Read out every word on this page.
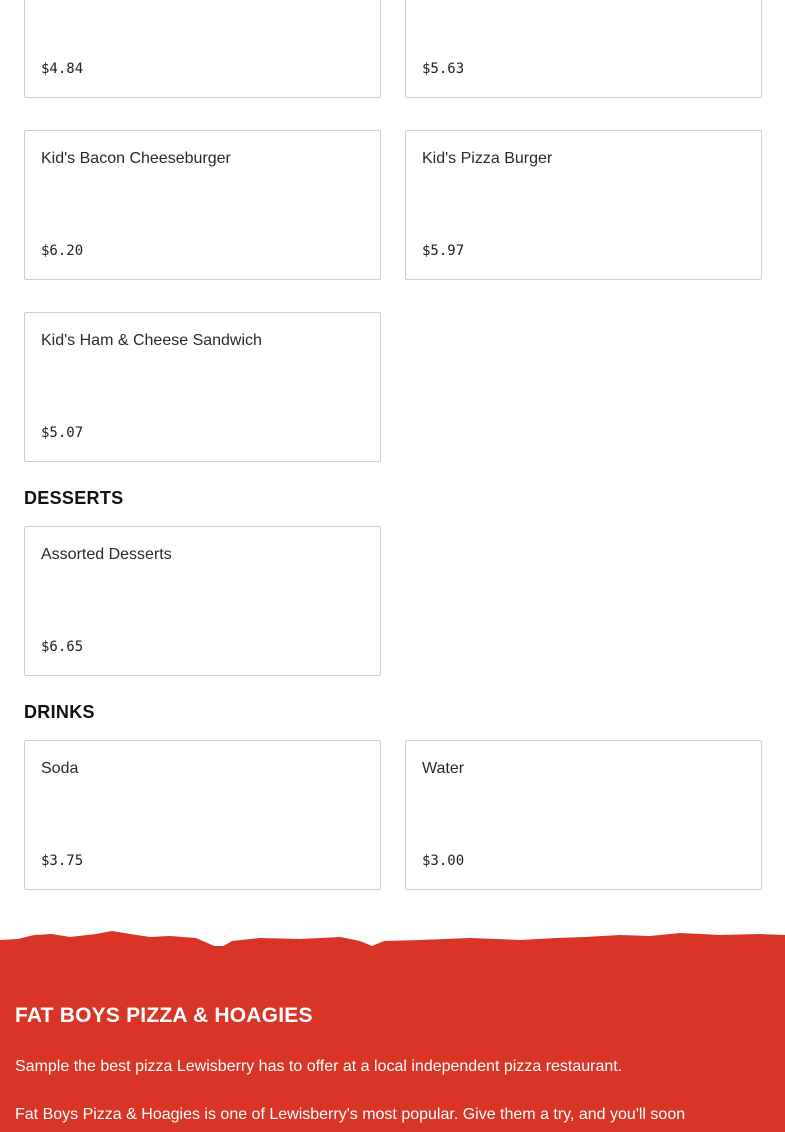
$4.84	$5.63
Kid's Bacon Cheeseburger
$6.20
Kid's Pizza Burger
$5.97
Kid's Ham & Cheese Sandwich
$5.07
DESSERTS
Assorted Desserts
$6.65
DRINKS
Soda
$3.75
Water
$3.00
FAT BOYS PIZZA & HOAGIES
Sample the best pizza Lewisberry has to offer at a local independent pizza restaurant.
Fat Boys Pizza & Hoagies is one of Lewisberry's most popular. Give them a try, and you'll soon
